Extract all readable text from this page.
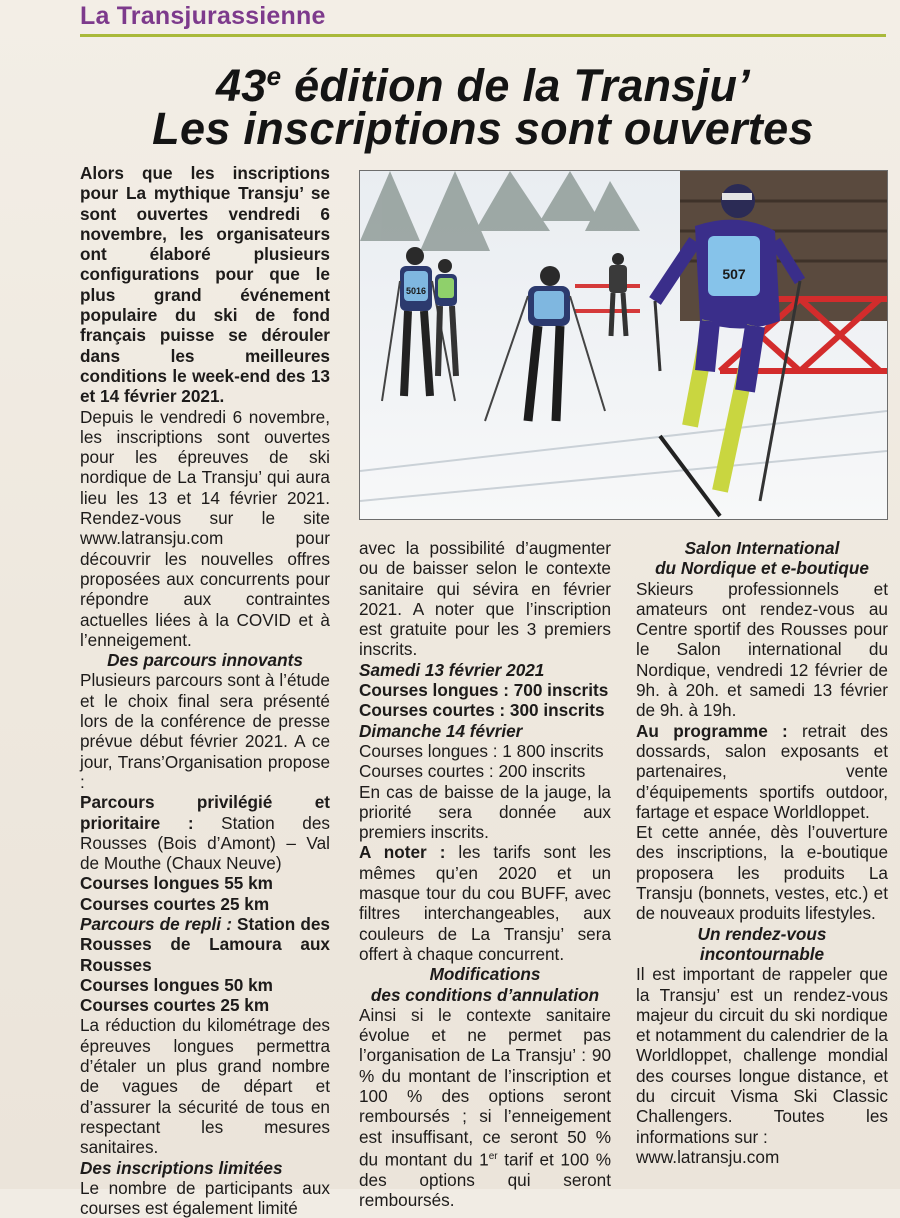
La Transjurassienne
43e édition de la Transju’
Les inscriptions sont ouvertes

Alors que les inscriptions pour La mythique Transju’ se sont ouvertes vendredi 6 novembre, les organisateurs ont élaboré plusieurs configurations pour que le plus grand événement populaire du ski de fond français puisse se dérouler dans les meilleures conditions le week-end des 13 et 14 février 2021.

Depuis le vendredi 6 novembre, les inscriptions sont ouvertes pour les épreuves de ski nordique de La Transju’ qui aura lieu les 13 et 14 février 2021. Rendez-vous sur le site www.latransju.com pour découvrir les nouvelles offres proposées aux concurrents pour répondre aux contraintes actuelles liées à la COVID et à l’enneigement.

Des parcours innovants

Plusieurs parcours sont à l’étude et le choix final sera présenté lors de la conférence de presse prévue début février 2021. A ce jour, Trans’Organisation propose :

Parcours privilégié et prioritaire : Station des Rousses (Bois d’Amont) – Val de Mouthe (Chaux Neuve)

Courses longues 55 km

Courses courtes 25 km

Parcours de repli : Station des Rousses de Lamoura aux Rousses

Courses longues 50 km

Courses courtes 25 km

La réduction du kilométrage des épreuves longues permettra d’étaler un plus grand nombre de vagues de départ et d’assurer la sécurité de tous en respectant les mesures sanitaires.

Des inscriptions limitées

Le nombre de participants aux courses est également limité

5016
507

avec la possibilité d’augmenter ou de baisser selon le contexte sanitaire qui sévira en février 2021. A noter que l’inscription est gratuite pour les 3 premiers inscrits.

Samedi 13 février 2021

Courses longues : 700 inscrits

Courses courtes : 300 inscrits

Dimanche 14 février

Courses longues : 1 800 inscrits

Courses courtes : 200 inscrits

En cas de baisse de la jauge, la priorité sera donnée aux premiers inscrits.

A noter : les tarifs sont les mêmes qu’en 2020 et un masque tour du cou BUFF, avec filtres interchangeables, aux couleurs de La Transju’ sera offert à chaque concurrent.

Modifications

des conditions d’annulation

Ainsi si le contexte sanitaire évolue et ne permet pas l’organisation de La Transju’ : 90 % du montant de l’inscription et 100 % des options seront remboursés ; si l’enneigement est insuffisant, ce seront 50 % du montant du 1er tarif et 100 % des options qui seront remboursés.

Salon International

du Nordique et e-boutique

Skieurs professionnels et amateurs ont rendez-vous au Centre sportif des Rousses pour le Salon international du Nordique, vendredi 12 février de 9h. à 20h. et samedi 13 février de 9h. à 19h.

Au programme : retrait des dossards, salon exposants et partenaires, vente d’équipements sportifs outdoor, fartage et espace Worldloppet.

Et cette année, dès l’ouverture des inscriptions, la e-boutique proposera les produits La Transju (bonnets, vestes, etc.) et de nouveaux produits lifestyles.

Un rendez-vous

incontournable

Il est important de rappeler que la Transju’ est un rendez-vous majeur du circuit du ski nordique et notamment du calendrier de la Worldloppet, challenge mondial des courses longue distance, et du circuit Visma Ski Classic Challengers. Toutes les informations sur :

www.latransju.com
